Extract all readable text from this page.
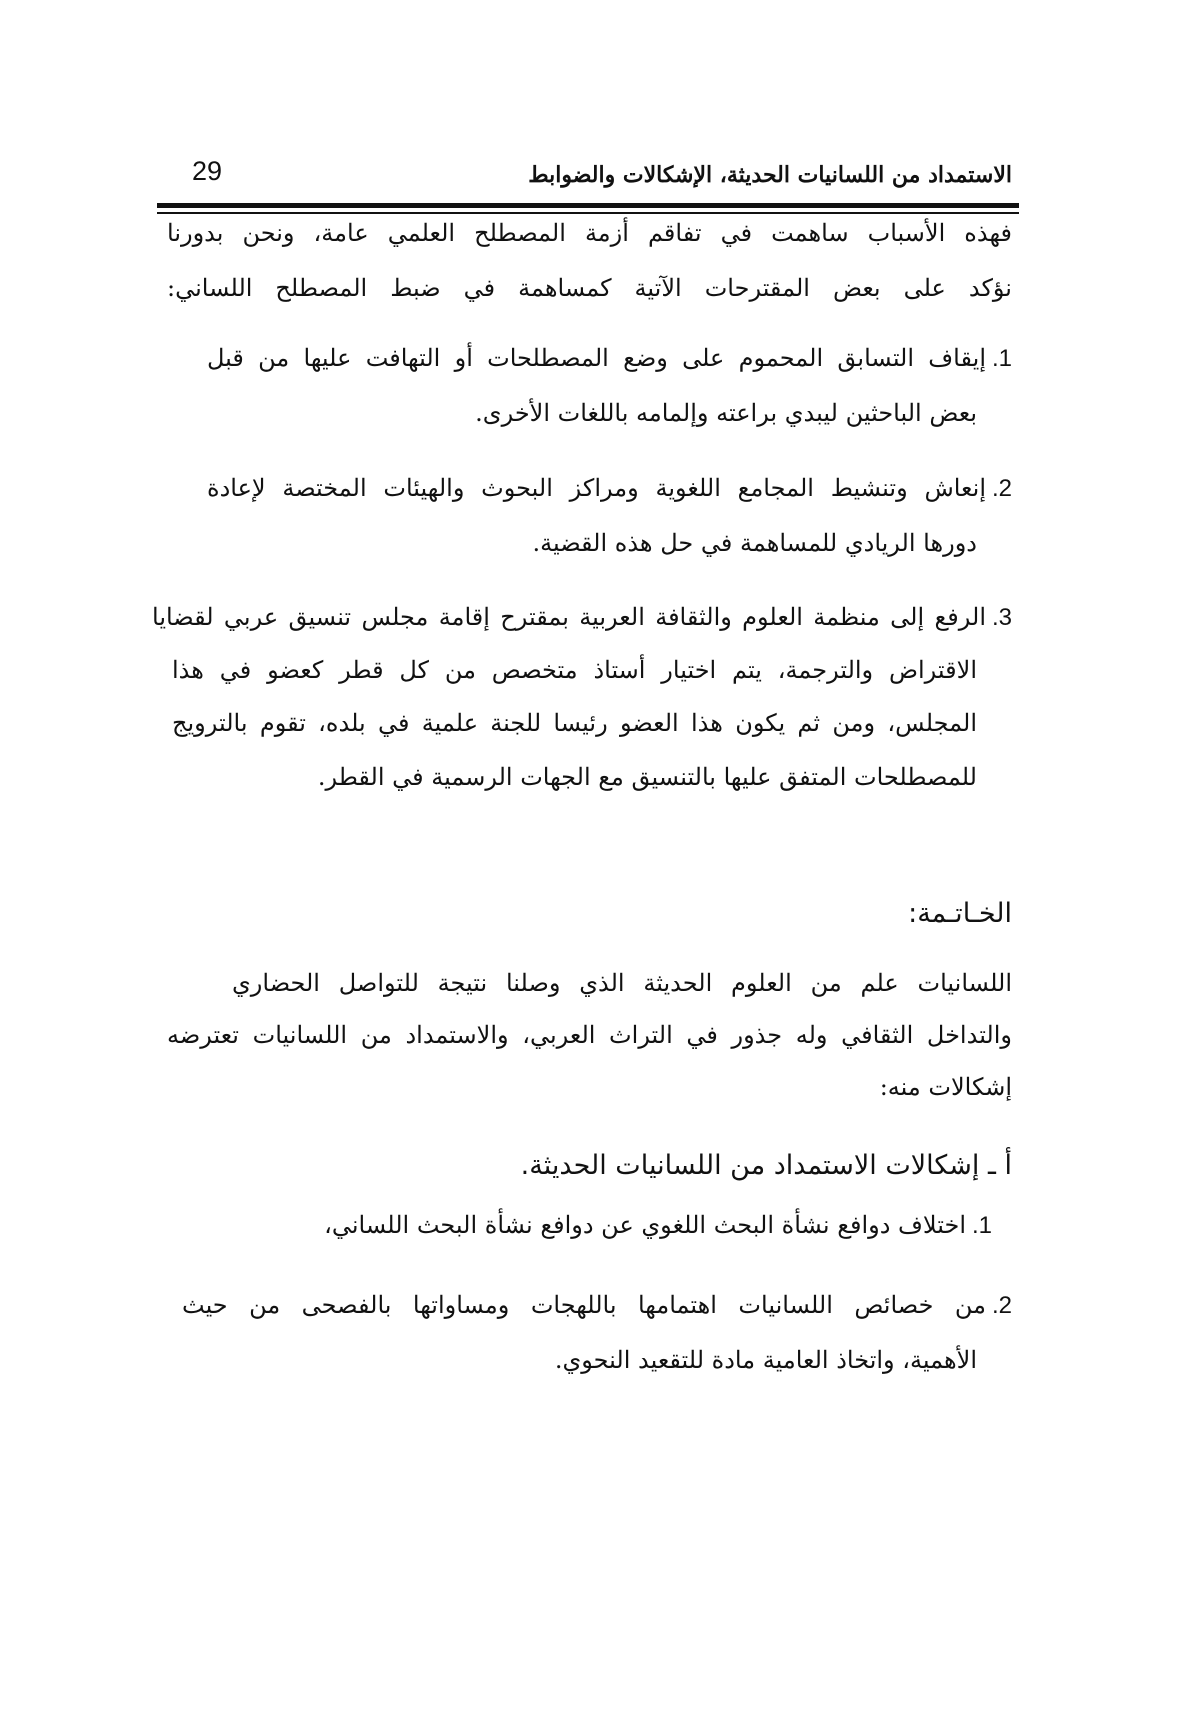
الاستمداد من اللسانيات الحديثة، الإشكالات والضوابط
29
فهذه الأسباب ساهمت في تفاقم أزمة المصطلح العلمي عامة، ونحن بدورنا
نؤكد على بعض المقترحات الآتية كمساهمة في ضبط المصطلح اللساني:
.1إيقاف التسابق المحموم على وضع المصطلحات أو التهافت عليها من قبل
بعض الباحثين ليبدي براعته وإلمامه باللغات الأخرى.
.2إنعاش وتنشيط المجامع اللغوية ومراكز البحوث والهيئات المختصة لإعادة
دورها الريادي للمساهمة في حل هذه القضية.
.3الرفع إلى منظمة العلوم والثقافة العربية بمقترح إقامة مجلس تنسيق عربي لقضايا
الاقتراض والترجمة، يتم اختيار أستاذ متخصص من كل قطر كعضو في هذا
المجلس، ومن ثم يكون هذا العضو رئيسا للجنة علمية في بلده، تقوم بالترويج
للمصطلحات المتفق عليها بالتنسيق مع الجهات الرسمية في القطر.
الخـاتـمة:
اللسانيات علم من العلوم الحديثة الذي وصلنا نتيجة للتواصل الحضاري
والتداخل الثقافي وله جذور في التراث العربي، والاستمداد من اللسانيات تعترضه
إشكالات منه:
أ ـ إشكالات الاستمداد من اللسانيات الحديثة.
.1اختلاف دوافع نشأة البحث اللغوي عن دوافع نشأة البحث اللساني،
.2من خصائص اللسانيات اهتمامها باللهجات ومساواتها بالفصحى من حيث
الأهمية، واتخاذ العامية مادة للتقعيد النحوي.
